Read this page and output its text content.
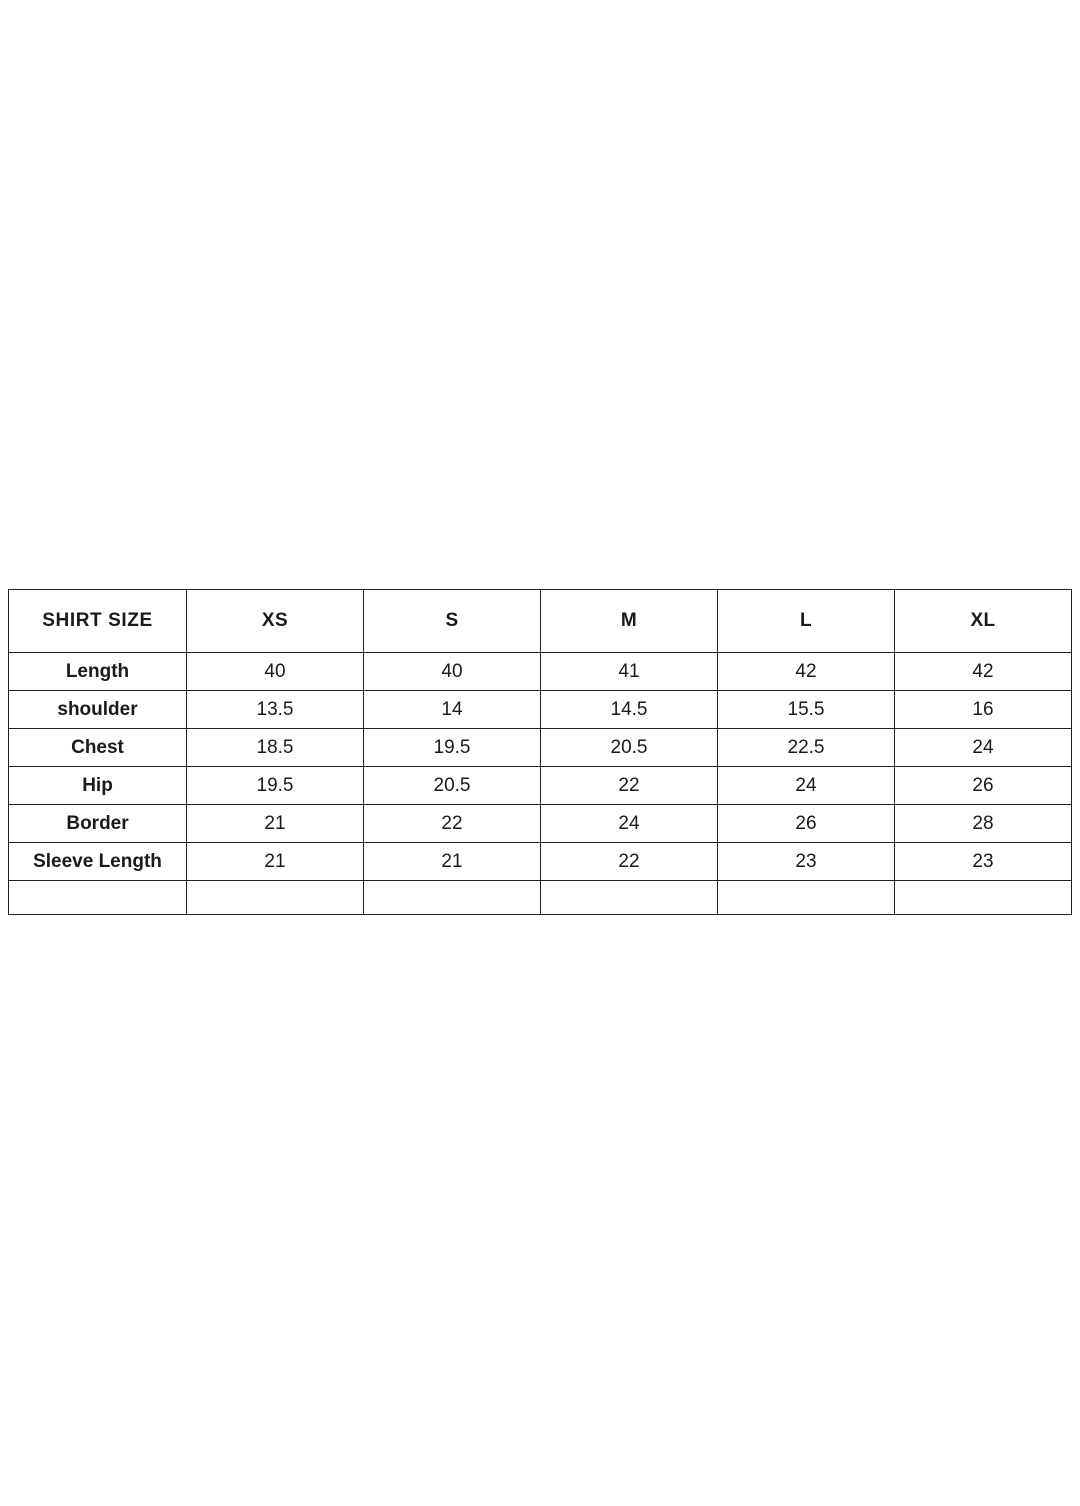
SHIRT SIZE	XS	S	M	L	XL
Length	40	40	41	42	42
shoulder	13.5	14	14.5	15.5	16
Chest	18.5	19.5	20.5	22.5	24
Hip	19.5	20.5	22	24	26
Border	21	22	24	26	28
Sleeve Length	21	21	22	23	23
